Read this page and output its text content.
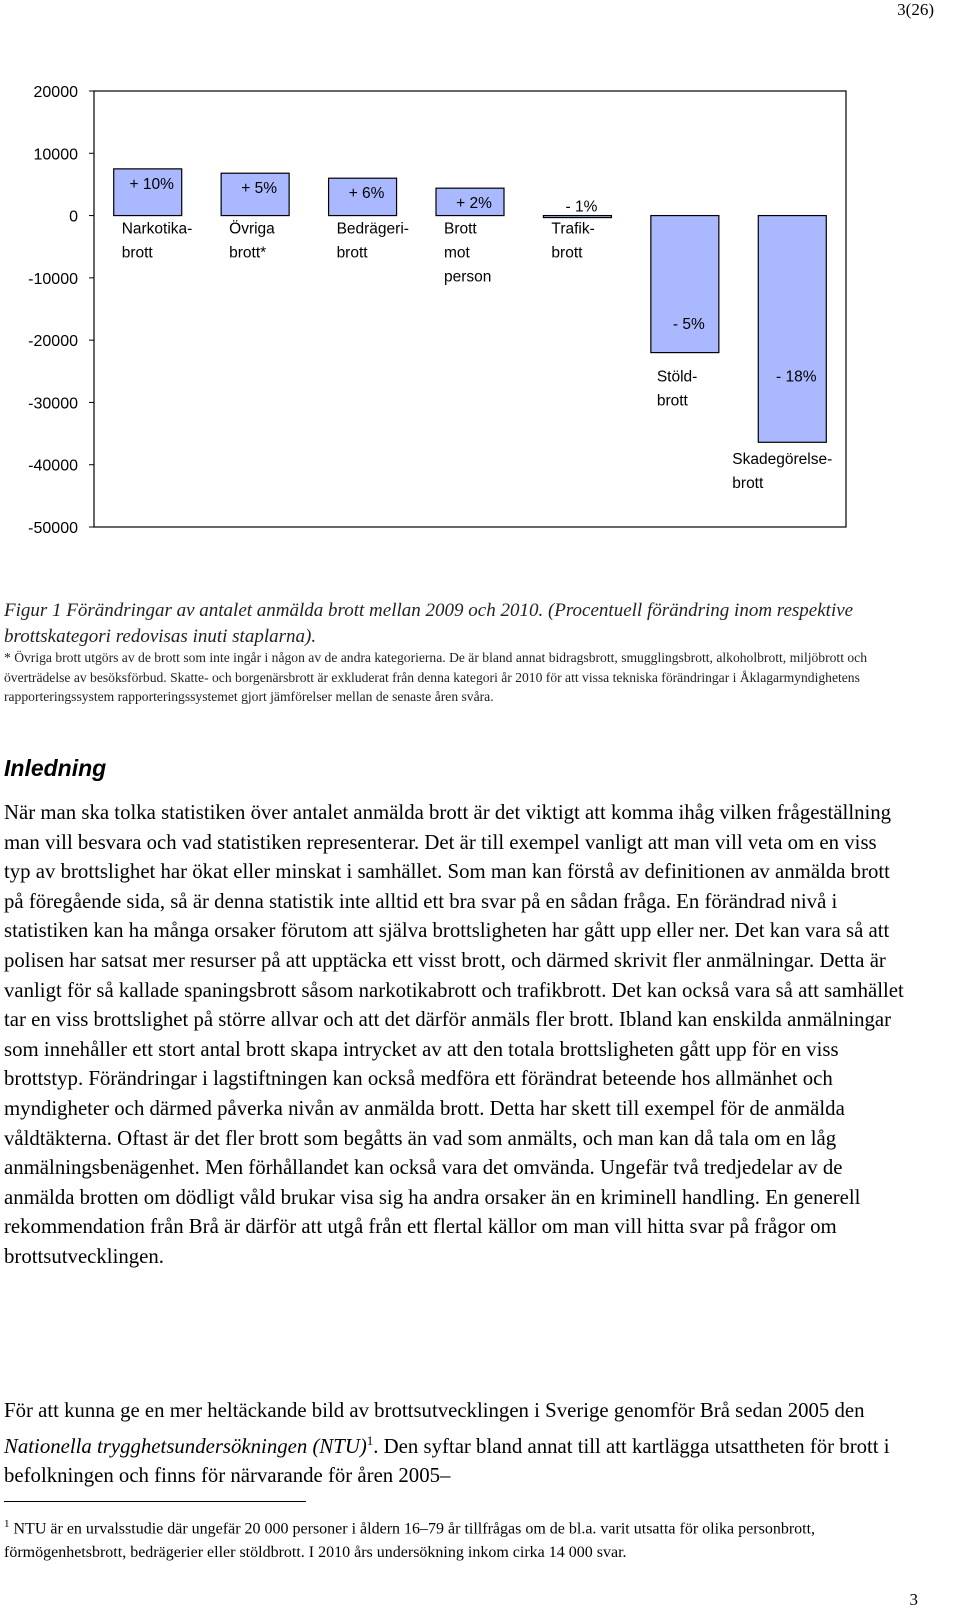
3(26)
20000
10000
0
-10000
-20000
-30000
-40000
-50000
+ 10%
Narkotika-
brott
+ 5%
Övriga
brott*
+ 6%
Bedrägeri-
brott
+ 2%
Brott
mot
person
- 1%
Trafik-
brott
- 5%
Stöld-
brott
- 18%
Skadegörelse-
brott
Figur 1 Förändringar av antalet anmälda brott mellan 2009 och 2010. (Procentuell förändring inom respektive brottskategori redovisas inuti staplarna).
* Övriga brott utgörs av de brott som inte ingår i någon av de andra kategorierna. De är bland annat bidragsbrott, smugglingsbrott, alkoholbrott, miljöbrott och överträdelse av besöksförbud. Skatte- och borgenärsbrott är exkluderat från denna kategori år 2010 för att vissa tekniska förändringar i Åklagarmyndighetens rapporteringssystem rapporteringssystemet gjort jämförelser mellan de senaste åren svåra.
Inledning

När man ska tolka statistiken över antalet anmälda brott är det viktigt att komma ihåg vilken frågeställning man vill besvara och vad statistiken representerar. Det är till exempel vanligt att man vill veta om en viss typ av brottslighet har ökat eller minskat i samhället. Som man kan förstå av definitionen av anmälda brott på föregående sida, så är denna statistik inte alltid ett bra svar på en sådan fråga. En förändrad nivå i statistiken kan ha många orsaker förutom att själva brottsligheten har gått upp eller ner. Det kan vara så att polisen har satsat mer resurser på att upptäcka ett visst brott, och därmed skrivit fler anmälningar. Detta är vanligt för så kallade spaningsbrott såsom narkotikabrott och trafikbrott. Det kan också vara så att samhället tar en viss brottslighet på större allvar och att det därför anmäls fler brott. Ibland kan enskilda anmälningar som innehåller ett stort antal brott skapa intrycket av att den totala brottsligheten gått upp för en viss brottstyp. Förändringar i lagstiftningen kan också medföra ett förändrat beteende hos allmänhet och myndigheter och därmed påverka nivån av anmälda brott. Detta har skett till exempel för de anmälda våldtäkterna. Oftast är det fler brott som begåtts än vad som anmälts, och man kan då tala om en låg anmälningsbenägenhet. Men förhållandet kan också vara det omvända. Ungefär två tredjedelar av de anmälda brotten om dödligt våld brukar visa sig ha andra orsaker än en kriminell handling. En generell rekommendation från Brå är därför att utgå från ett flertal källor om man vill hitta svar på frågor om brottsutvecklingen.

För att kunna ge en mer heltäckande bild av brottsutvecklingen i Sverige genomför Brå sedan 2005 den Nationella trygghetsundersökningen (NTU)$^1$. Den syftar bland annat till att kartlägga utsattheten för brott i befolkningen och finns för närvarande för åren 2005–

$^1$ NTU är en urvalsstudie där ungefär 20 000 personer i åldern 16–79 år tillfrågas om de bl.a. varit utsatta för olika personbrott, förmögenhetsbrott, bedrägerier eller stöldbrott. I 2010 års undersökning inkom cirka 14 000 svar.
3
